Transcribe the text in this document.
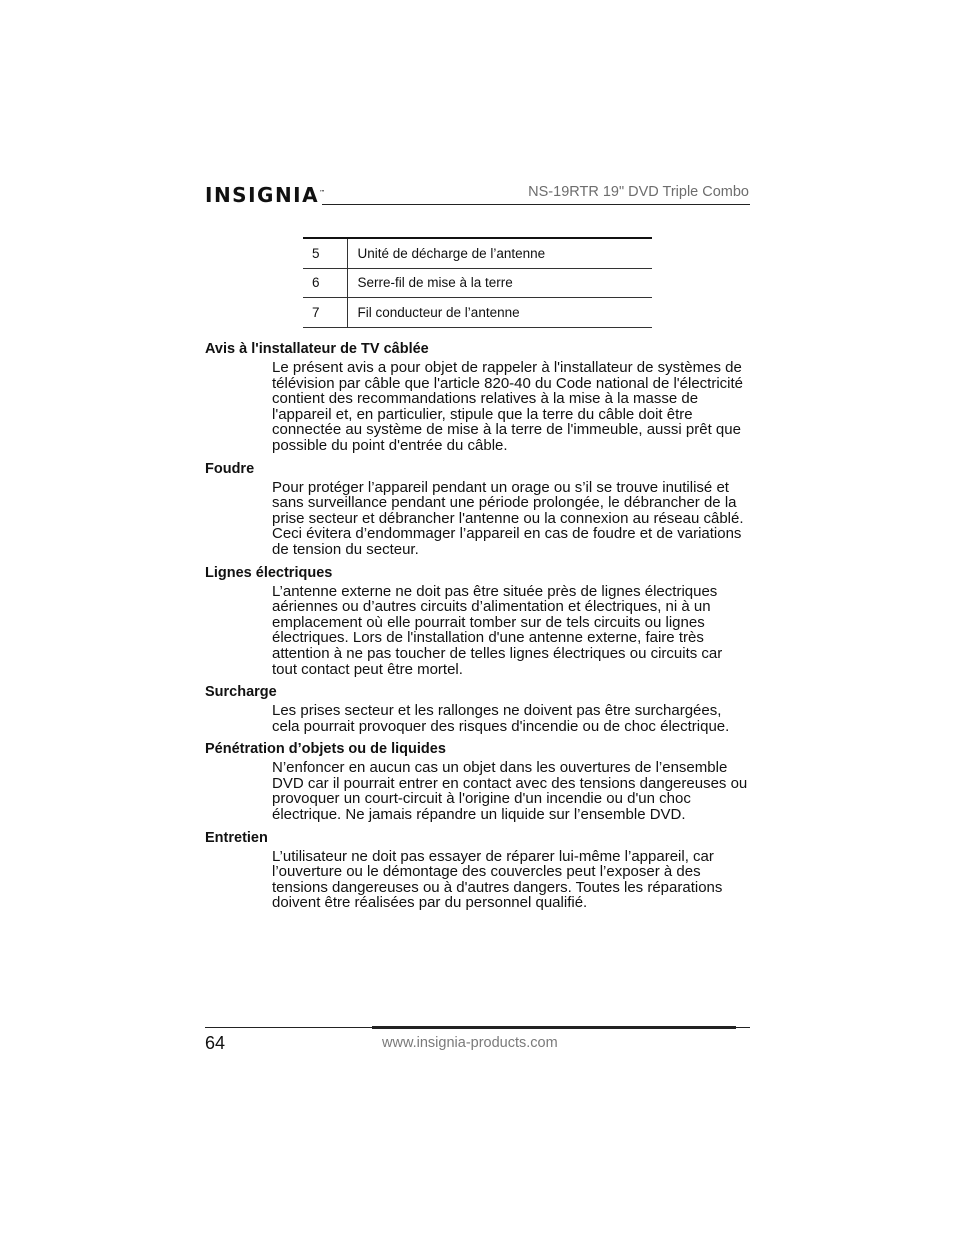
INSIGNIA™	NS-19RTR 19" DVD Triple Combo
5	Unité de décharge de l’antenne
6	Serre-fil de mise à la terre
7	Fil conducteur de l’antenne
Avis à l'installateur de TV câblée

Le présent avis a pour objet de rappeler à l'installateur de systèmes de télévision par câble que l'article 820-40 du Code national de l'électricité contient des recommandations relatives à la mise à la masse de l'appareil et, en particulier, stipule que la terre du câble doit être connectée au système de mise à la terre de l'immeuble, aussi prêt que possible du point d'entrée du câble.

Foudre

Pour protéger l’appareil pendant un orage ou s’il se trouve inutilisé et sans surveillance pendant une période prolongée, le débrancher de la prise secteur et débrancher l'antenne ou la connexion au réseau câblé. Ceci évitera d’endommager l’appareil en cas de foudre et de variations de tension du secteur.

Lignes électriques

L’antenne externe ne doit pas être située près de lignes électriques aériennes ou d’autres circuits d’alimentation et électriques, ni à un emplacement où elle pourrait tomber sur de tels circuits ou lignes électriques. Lors de l'installation d'une antenne externe, faire très attention à ne pas toucher de telles lignes électriques ou circuits car tout contact peut être mortel.

Surcharge

Les prises secteur et les rallonges ne doivent pas être surchargées, cela pourrait provoquer des risques d'incendie ou de choc électrique.

Pénétration d’objets ou de liquides

N’enfoncer en aucun cas un objet dans les ouvertures de l’ensemble DVD car il pourrait entrer en contact avec des tensions dangereuses ou provoquer un court-circuit à l'origine d'un incendie ou d'un choc électrique. Ne jamais répandre un liquide sur l’ensemble DVD.

Entretien

L’utilisateur ne doit pas essayer de réparer lui-même l’appareil, car l’ouverture ou le démontage des couvercles peut l’exposer à des tensions dangereuses ou à d'autres dangers. Toutes les réparations doivent être réalisées par du personnel qualifié.

64	www.insignia-products.com
